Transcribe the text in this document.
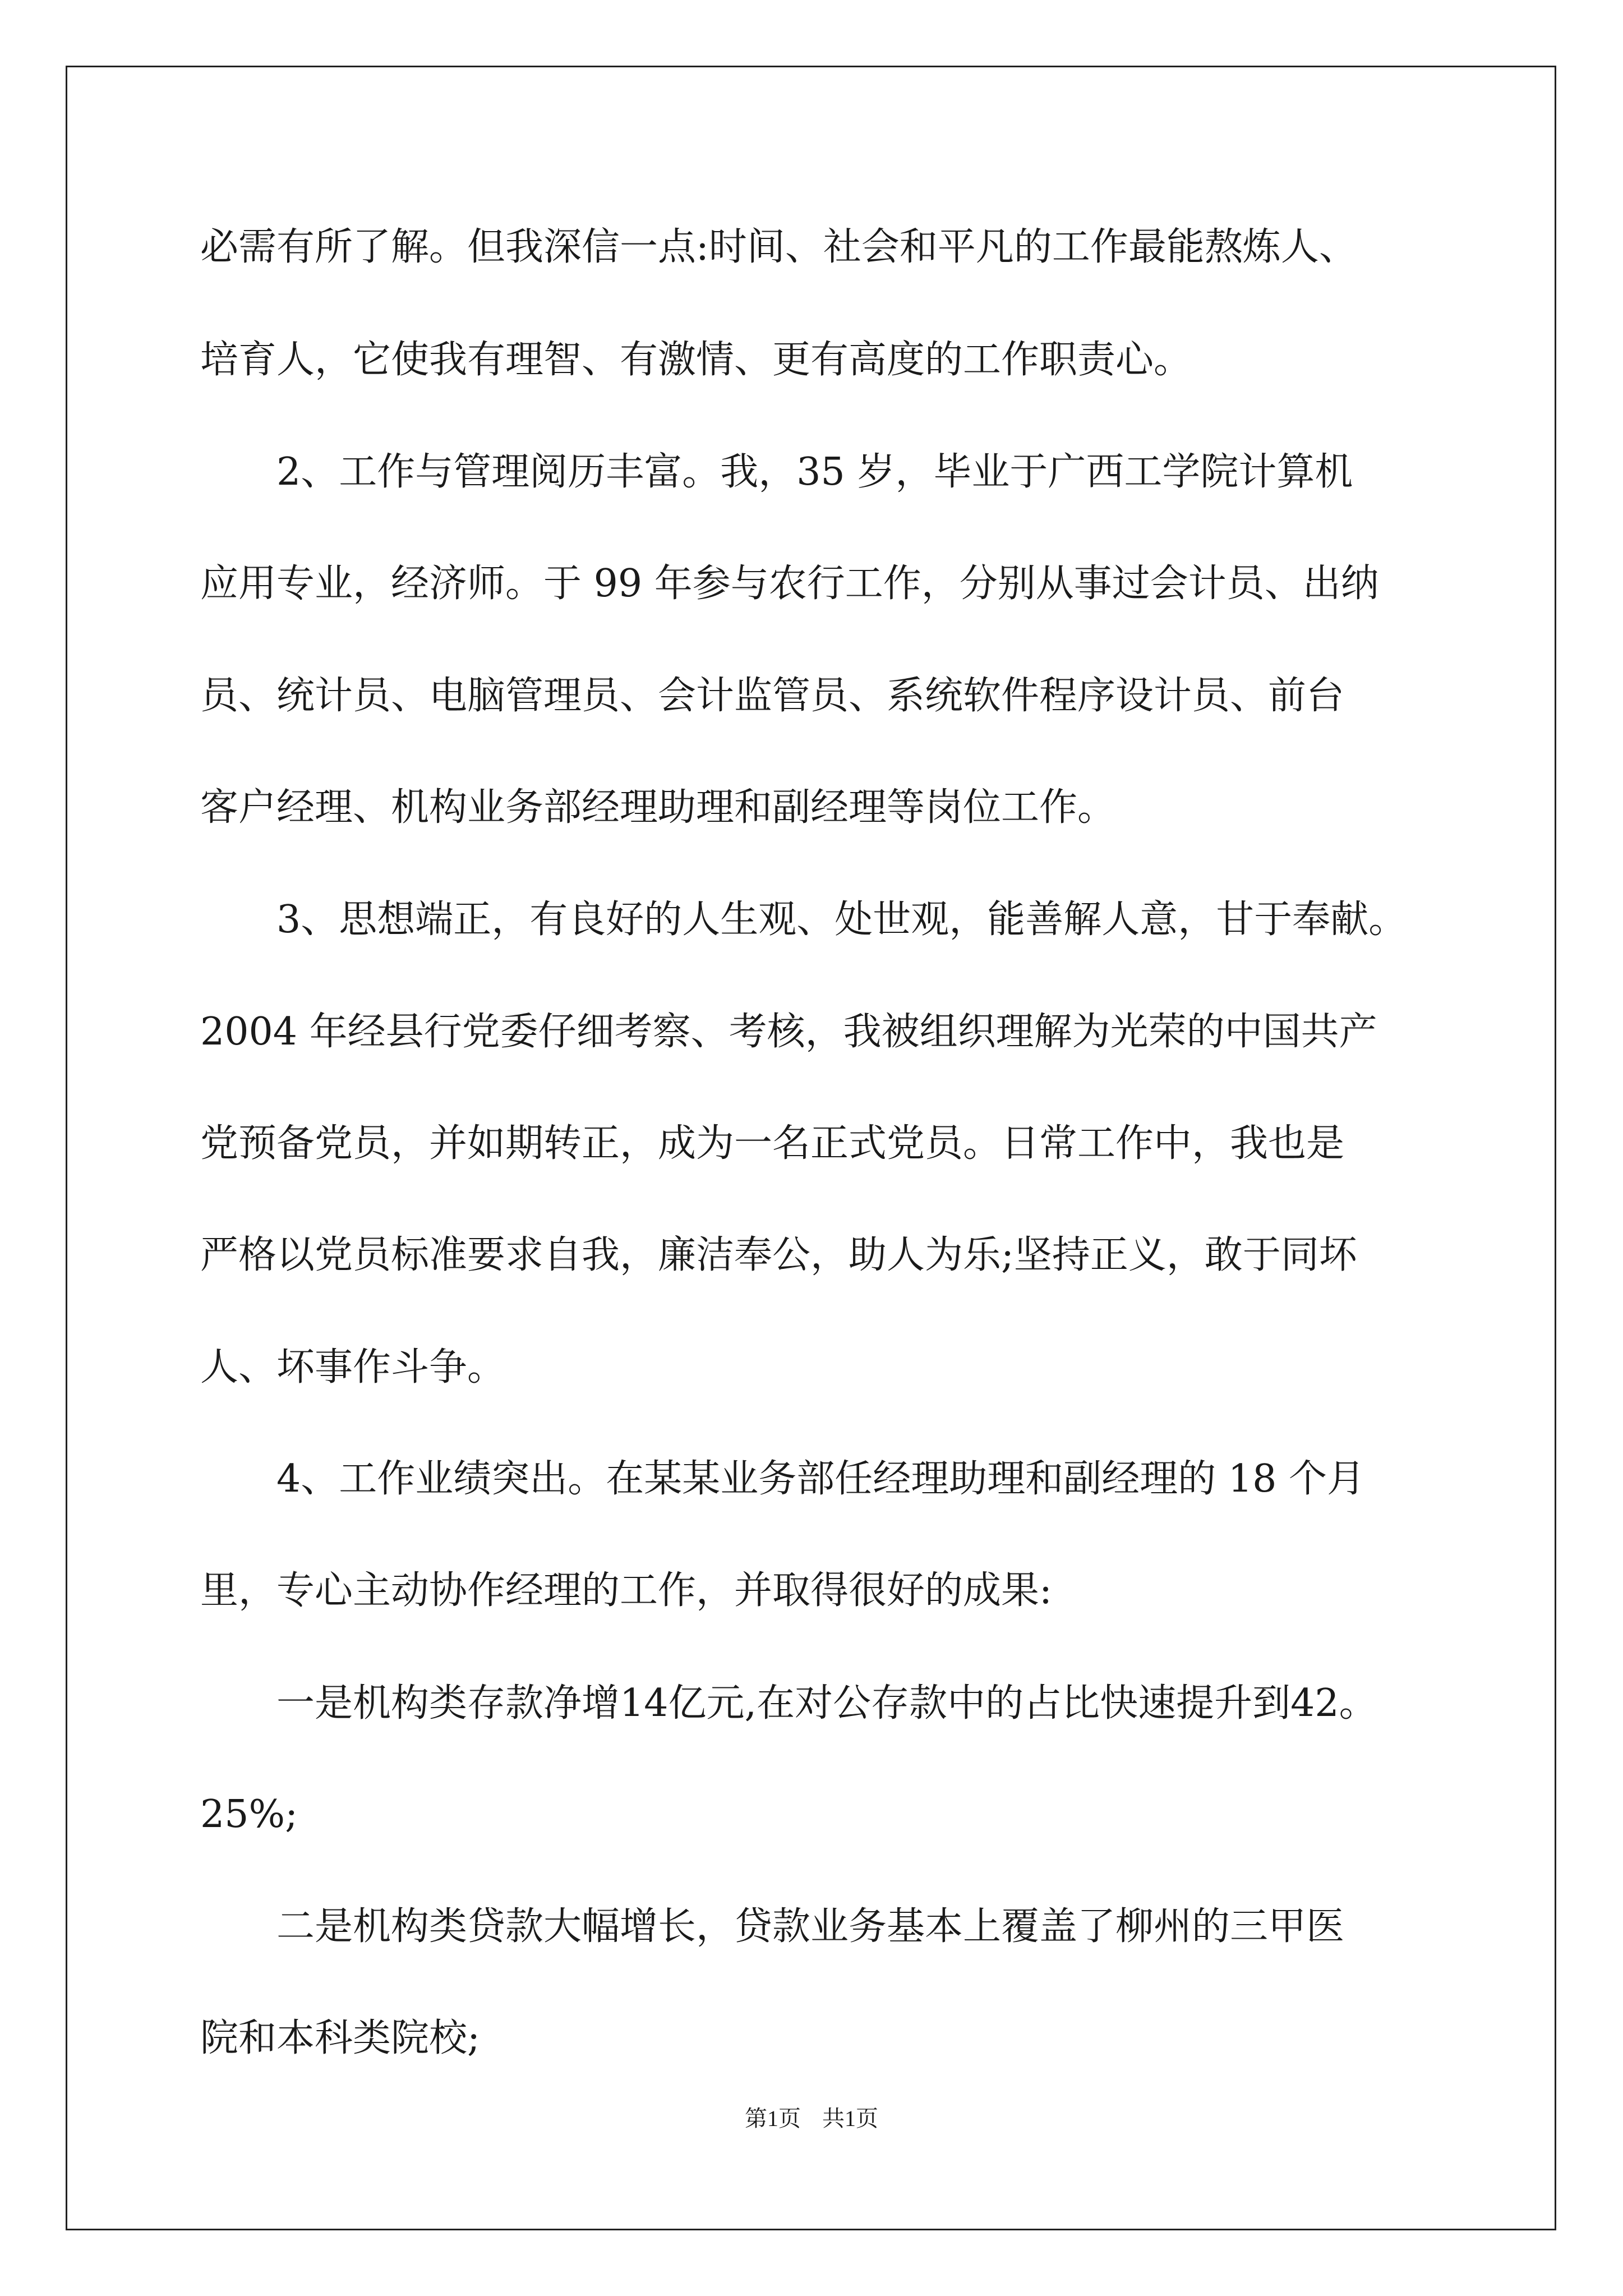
必需有所了解。但我深信一点:时间、社会和平凡的工作最能熬炼人、
培育人，它使我有理智、有激情、更有高度的工作职责心。
2、工作与管理阅历丰富。我，35 岁，毕业于广西工学院计算机
应用专业，经济师。于 99 年参与农行工作，分别从事过会计员、出纳
员、统计员、电脑管理员、会计监管员、系统软件程序设计员、前台
客户经理、机构业务部经理助理和副经理等岗位工作。
3、思想端正，有良好的人生观、处世观，能善解人意，甘于奉献。
2004 年经县行党委仔细考察、考核，我被组织理解为光荣的中国共产
党预备党员，并如期转正，成为一名正式党员。日常工作中，我也是
严格以党员标准要求自我，廉洁奉公，助人为乐;坚持正义，敢于同坏
人、坏事作斗争。
4、工作业绩突出。在某某业务部任经理助理和副经理的 18 个月
里，专心主动协作经理的工作，并取得很好的成果:
一是机构类存款净增14亿元,在对公存款中的占比快速提升到42。
25%;
二是机构类贷款大幅增长，贷款业务基本上覆盖了柳州的三甲医
院和本科类院校;
第1页 共1页
